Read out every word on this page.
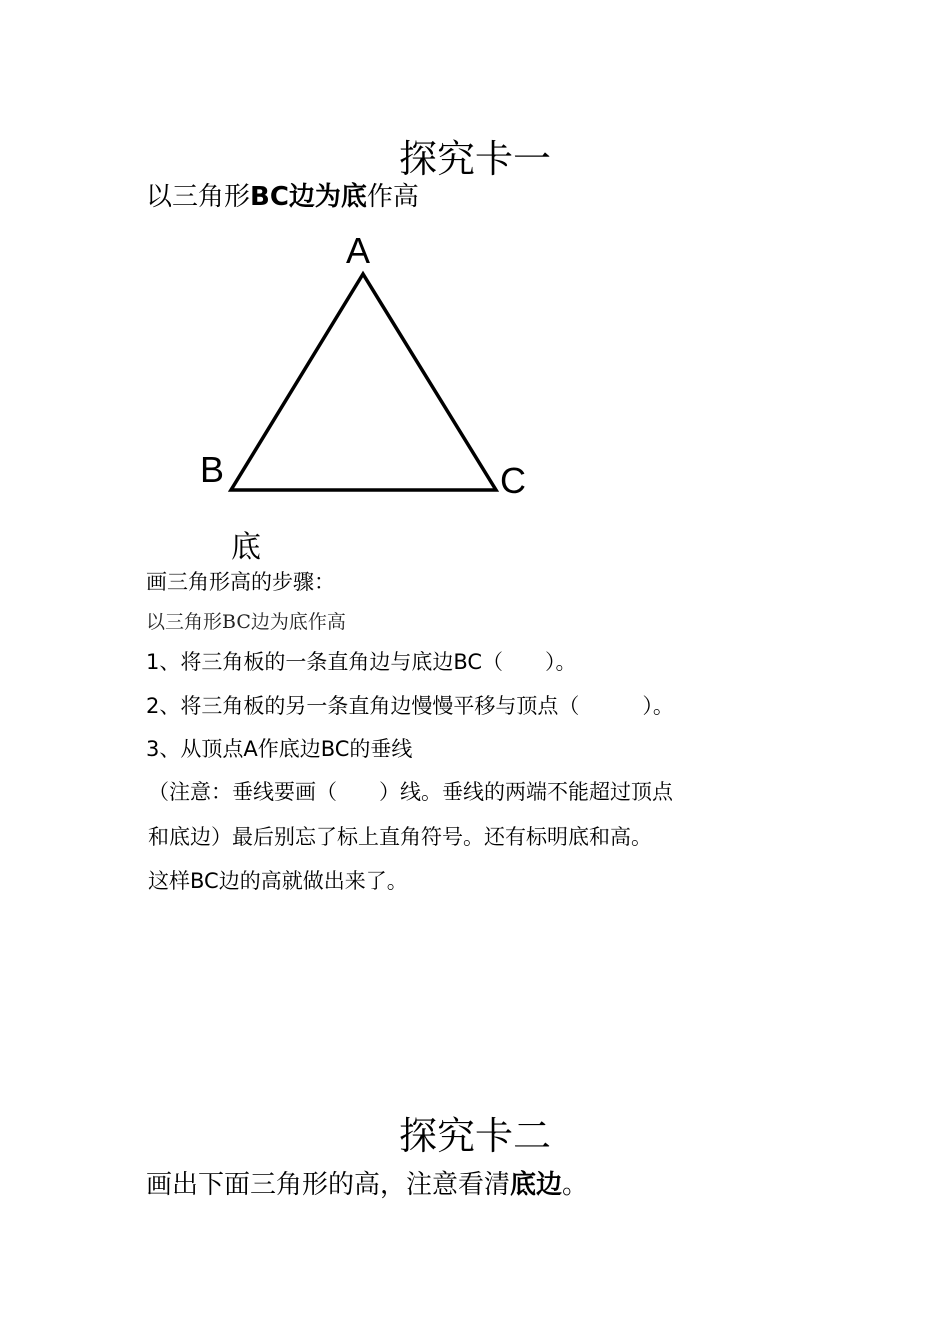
探究卡一
以三角形BC边为底作高
A
B	C
底
画三角形高的步骤：
以三角形BC边为底作高
1、将三角板的一条直角边与底边BC（　　）。
2、将三角板的另一条直角边慢慢平移与顶点（　　　）。
3、从顶点A作底边BC的垂线
（注意：垂线要画（　　）线。垂线的两端不能超过顶点
和底边）最后别忘了标上直角符号。还有标明底和高。
这样BC边的高就做出来了。
探究卡二
画出下面三角形的高，注意看清底边。
